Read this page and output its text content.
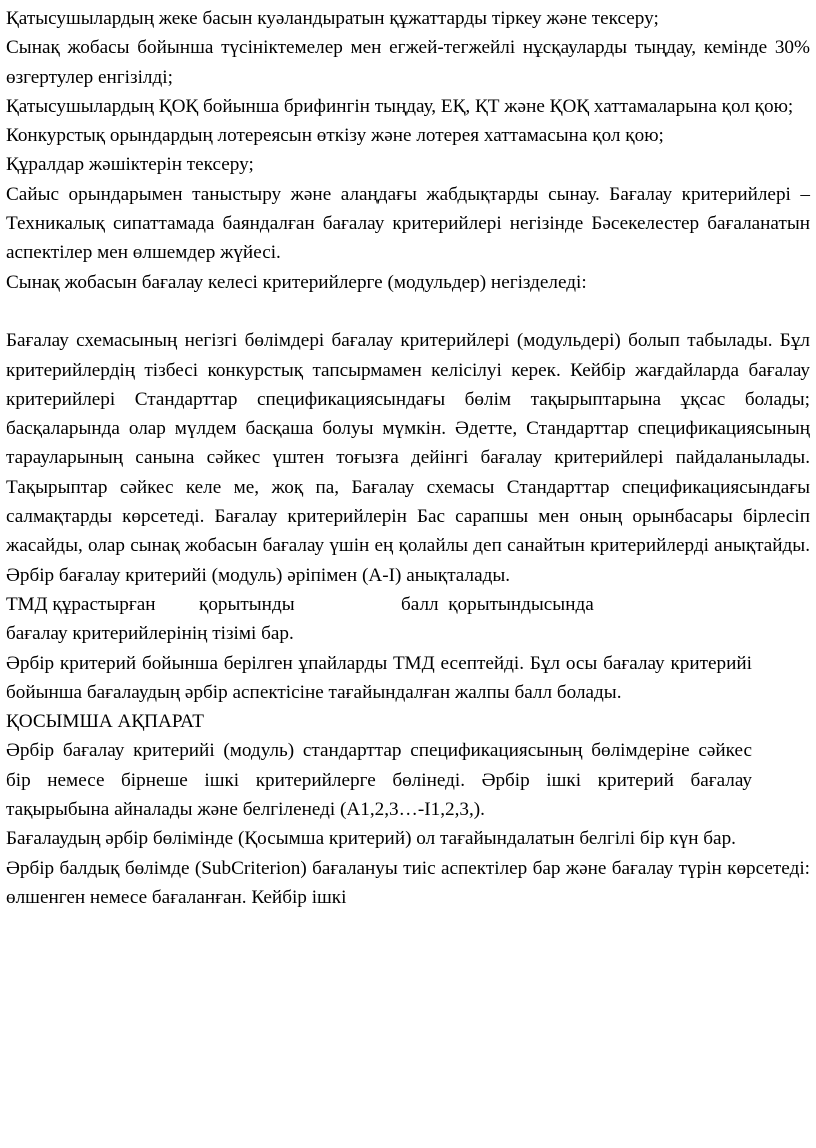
Қатысушылардың жеке басын куәландыратын құжаттарды тіркеу және тексеру;

Сынақ жобасы бойынша түсініктемелер мен егжей-тегжейлі нұсқауларды тыңдау, кемінде 30% өзгертулер енгізілді;

Қатысушылардың ҚОҚ бойынша брифингін тыңдау, ЕҚ, ҚТ және ҚОҚ хаттамаларына қол қою;

Конкурстық орындардың лотереясын өткізу және лотерея хаттамасына қол қою;

Құралдар жәшіктерін тексеру;

Сайыс орындарымен таныстыру және алаңдағы жабдықтарды сынау. Бағалау критерийлері – Техникалық сипаттамада баяндалған бағалау критерийлері негізінде Бәсекелестер бағаланатын аспектілер мен өлшемдер жүйесі.

Сынақ жобасын бағалау келесі критерийлерге (модульдер) негізделеді:

Бағалау схемасының негізгі бөлімдері бағалау критерийлері (модульдері) болып табылады. Бұл критерийлердің тізбесі конкурстық тапсырмамен келісілуі керек. Кейбір жағдайларда бағалау критерийлері Стандарттар спецификациясындағы бөлім тақырыптарына ұқсас болады; басқаларында олар мүлдем басқаша болуы мүмкін. Әдетте, Стандарттар спецификациясының тарауларының санына сәйкес үштен тоғызға дейінгі бағалау критерийлері пайдаланылады. Тақырыптар сәйкес келе ме, жоқ па, Бағалау схемасы Стандарттар спецификациясындағы салмақтарды көрсетеді. Бағалау критерийлерін Бас сарапшы мен оның орынбасары бірлесіп жасайды, олар сынақ жобасын бағалау үшін ең қолайлы деп санайтын критерийлерді анықтайды. Әрбір бағалау критерийі (модуль) әріпімен (A-I) анықталады.

ТМД құрастырған қорытынды	балл  қорытындысында
бағалау критерийлерінің тізімі бар.

Әрбір критерий бойынша берілген ұпайларды ТМД есептейді. Бұл осы бағалау критерийі бойынша бағалаудың әрбір аспектісіне тағайындалған жалпы балл болады.

ҚОСЫМША АҚПАРАТ

Әрбір бағалау критерийі (модуль) стандарттар спецификациясының бөлімдеріне сәйкес бір немесе бірнеше ішкі критерийлерге бөлінеді. Әрбір ішкі критерий бағалау тақырыбына айналады және белгіленеді (A1,2,3…-I1,2,3,).

Бағалаудың әрбір бөлімінде (Қосымша критерий) ол тағайындалатын белгілі бір күн бар.

Әрбір балдық бөлімде (SubCriterion) бағалануы тиіс аспектілер бар және бағалау түрін көрсетеді: өлшенген немесе бағаланған. Кейбір ішкі
